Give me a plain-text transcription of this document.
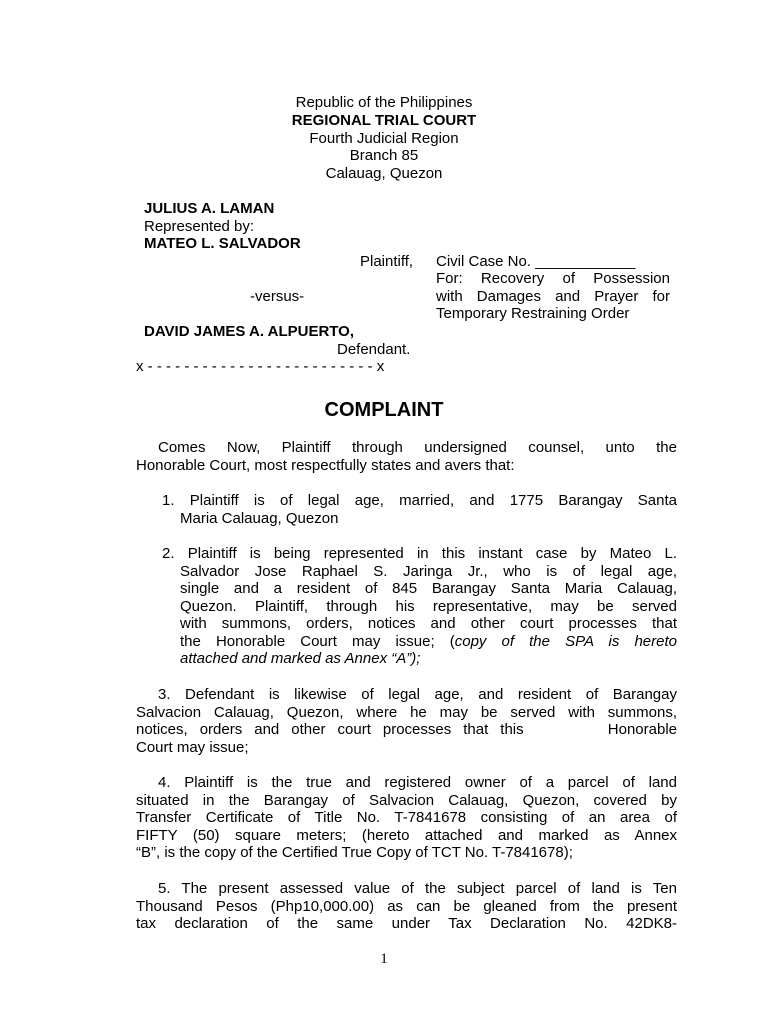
Republic of the Philippines
REGIONAL TRIAL COURT
Fourth Judicial Region
Branch 85
Calauag, Quezon
JULIUS A. LAMAN
Represented by:
MATEO L. SALVADOR
Plaintiff, Civil Case No. ____________
For: Recovery of Possession
with Damages and Prayer for
Temporary Restraining Order
-versus-
DAVID JAMES A. ALPUERTO,
Defendant.
x - - - - - - - - - - - - - - - - - - - - - - - - - x
COMPLAINT
Comes Now, Plaintiff through undersigned counsel, unto the
Honorable Court, most respectfully states and avers that:
1. Plaintiff is of legal age, married, and 1775 Barangay Santa
Maria Calauag, Quezon
2. Plaintiff is being represented in this instant case by Mateo L.
Salvador Jose Raphael S. Jaringa Jr., who is of legal age,
single and a resident of 845 Barangay Santa Maria Calauag,
Quezon. Plaintiff, through his representative, may be served
with summons, orders, notices and other court processes that
the Honorable Court may issue; (copy of the SPA is hereto
attached and marked as Annex “A”);
3. Defendant is likewise of legal age, and resident of Barangay
Salvacion Calauag, Quezon, where he may be served with summons,
notices, orders and other court processes that this       Honorable
Court may issue;
4. Plaintiff is the true and registered owner of a parcel of land
situated in the Barangay of Salvacion Calauag, Quezon, covered by
Transfer Certificate of Title No. T-7841678 consisting of an area of
FIFTY (50) square meters; (hereto attached and marked as Annex
“B”, is the copy of the Certified True Copy of TCT No. T-7841678);
5. The present assessed value of the subject parcel of land is Ten
Thousand Pesos (Php10,000.00) as can be gleaned from the present
tax declaration of the same under Tax Declaration No. 42DK8-
1
